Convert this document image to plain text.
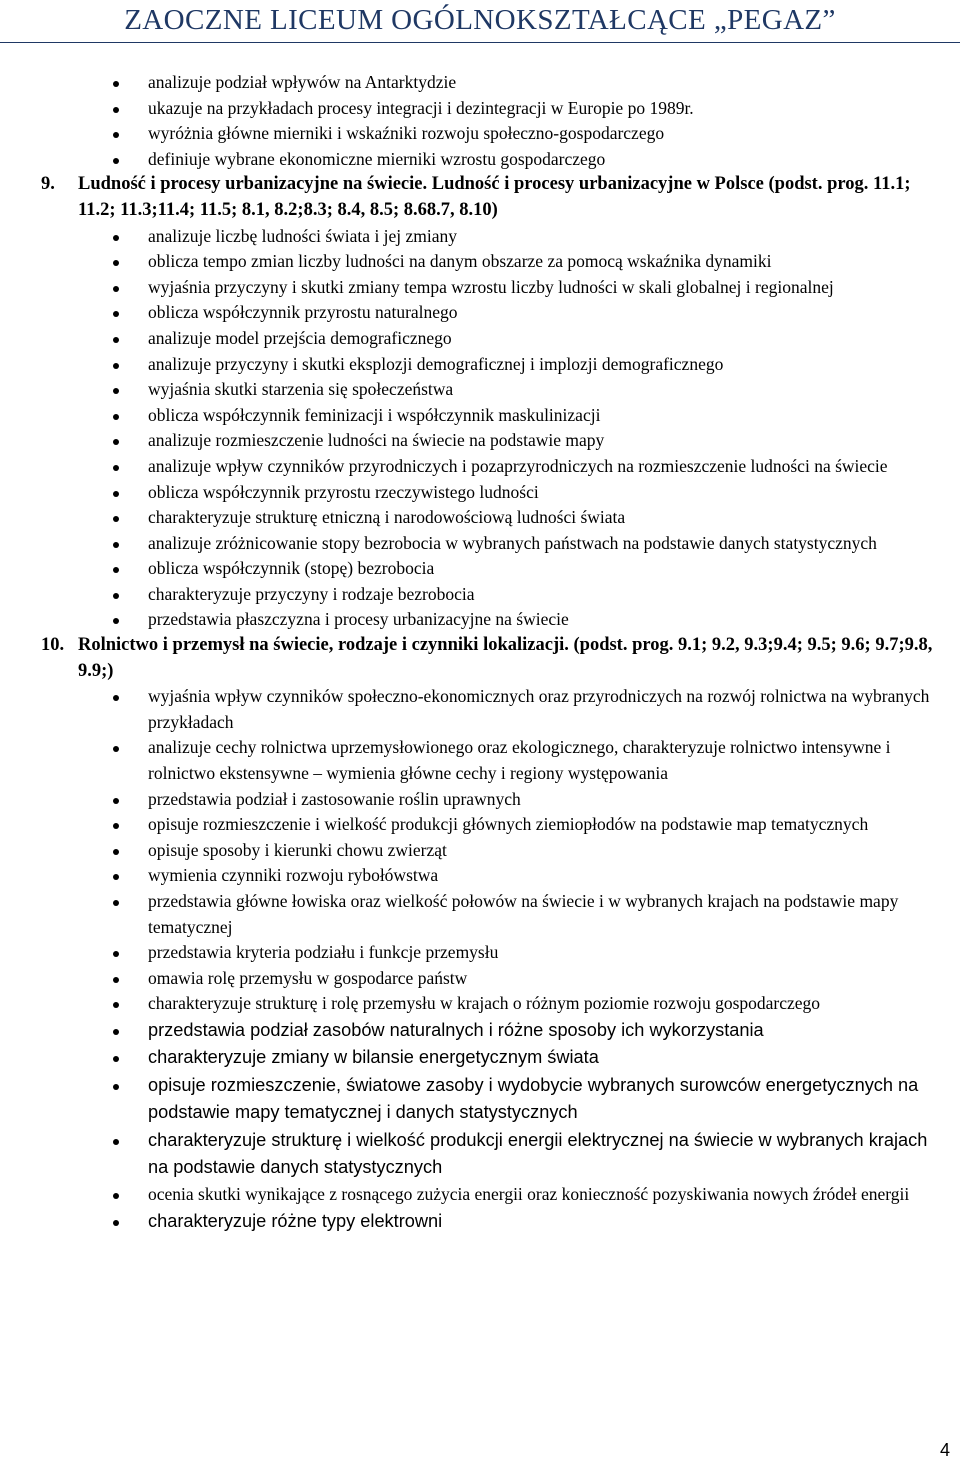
ZAOCZNE LICEUM OGÓLNOKSZTAŁCĄCE „PEGAZ”
analizuje podział wpływów na Antarktydzie
ukazuje na przykładach procesy integracji i dezintegracji w Europie po 1989r.
wyróżnia główne mierniki i wskaźniki rozwoju społeczno-gospodarczego
definiuje wybrane ekonomiczne mierniki wzrostu gospodarczego
9. Ludność i procesy urbanizacyjne na świecie. Ludność i procesy urbanizacyjne w Polsce (podst. prog. 11.1; 11.2; 11.3;11.4; 11.5; 8.1, 8.2;8.3; 8.4, 8.5; 8.68.7, 8.10)
analizuje liczbę ludności świata i jej zmiany
oblicza tempo zmian liczby ludności na danym obszarze za pomocą wskaźnika dynamiki
wyjaśnia przyczyny i skutki zmiany tempa wzrostu liczby ludności w skali globalnej i regionalnej
oblicza współczynnik przyrostu naturalnego
analizuje model przejścia demograficznego
analizuje przyczyny i skutki eksplozji demograficznej i implozji demograficznego
wyjaśnia skutki starzenia się społeczeństwa
oblicza współczynnik feminizacji i współczynnik maskulinizacji
analizuje rozmieszczenie ludności na świecie na podstawie mapy
analizuje wpływ czynników przyrodniczych i pozaprzyrodniczych na rozmieszczenie ludności na świecie
oblicza współczynnik przyrostu rzeczywistego ludności
charakteryzuje strukturę etniczną i narodowościową ludności świata
analizuje zróżnicowanie stopy bezrobocia w wybranych państwach na podstawie danych statystycznych
oblicza współczynnik (stopę) bezrobocia
charakteryzuje przyczyny i rodzaje bezrobocia
przedstawia płaszczyzna i procesy urbanizacyjne na świecie
10. Rolnictwo i przemysł na świecie, rodzaje i czynniki lokalizacji. (podst. prog. 9.1; 9.2, 9.3;9.4; 9.5; 9.6; 9.7;9.8, 9.9;)
wyjaśnia wpływ czynników społeczno-ekonomicznych oraz przyrodniczych na rozwój rolnictwa na wybranych przykładach
analizuje cechy rolnictwa uprzemysłowionego oraz ekologicznego, charakteryzuje rolnictwo intensywne i rolnictwo ekstensywne – wymienia główne cechy i regiony występowania
przedstawia podział i zastosowanie roślin uprawnych
opisuje rozmieszczenie i wielkość produkcji głównych ziemiopłodów na podstawie map tematycznych
opisuje sposoby i kierunki chowu zwierząt
wymienia czynniki rozwoju rybołówstwa
przedstawia główne łowiska oraz wielkość połowów na świecie i w wybranych krajach na podstawie mapy tematycznej
przedstawia kryteria podziału i funkcje przemysłu
omawia rolę przemysłu w gospodarce państw
charakteryzuje strukturę i rolę przemysłu w krajach o różnym poziomie rozwoju gospodarczego
przedstawia podział zasobów naturalnych i różne sposoby ich wykorzystania
charakteryzuje zmiany w bilansie energetycznym świata
opisuje rozmieszczenie, światowe zasoby i wydobycie wybranych surowców energetycznych na podstawie mapy tematycznej i danych statystycznych
charakteryzuje strukturę i wielkość produkcji energii elektrycznej na świecie w wybranych krajach na podstawie danych statystycznych
ocenia skutki wynikające z rosnącego zużycia energii oraz konieczność pozyskiwania nowych źródeł energii
charakteryzuje różne typy elektrowni
4
